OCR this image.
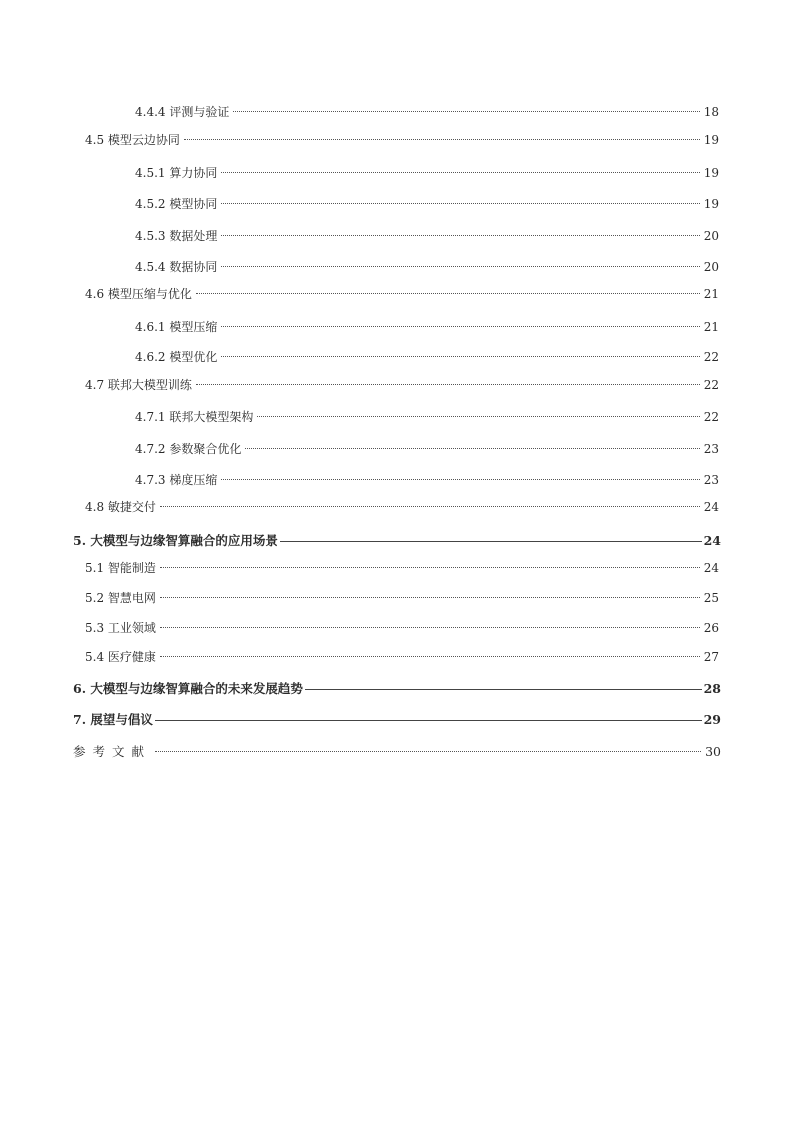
4.4.4 评测与验证	18
4.5 模型云边协同	19
4.5.1 算力协同	19
4.5.2 模型协同	19
4.5.3 数据处理	20
4.5.4 数据协同	20
4.6 模型压缩与优化	21
4.6.1 模型压缩	21
4.6.2 模型优化	22
4.7 联邦大模型训练	22
4.7.1 联邦大模型架构	22
4.7.2 参数聚合优化	23
4.7.3 梯度压缩	23
4.8 敏捷交付	24
5. 大模型与边缘智算融合的应用场景	24
5.1 智能制造	24
5.2 智慧电网	25
5.3 工业领域	26
5.4 医疗健康	27
6. 大模型与边缘智算融合的未来发展趋势	28
7. 展望与倡议	29
参考文献	30
